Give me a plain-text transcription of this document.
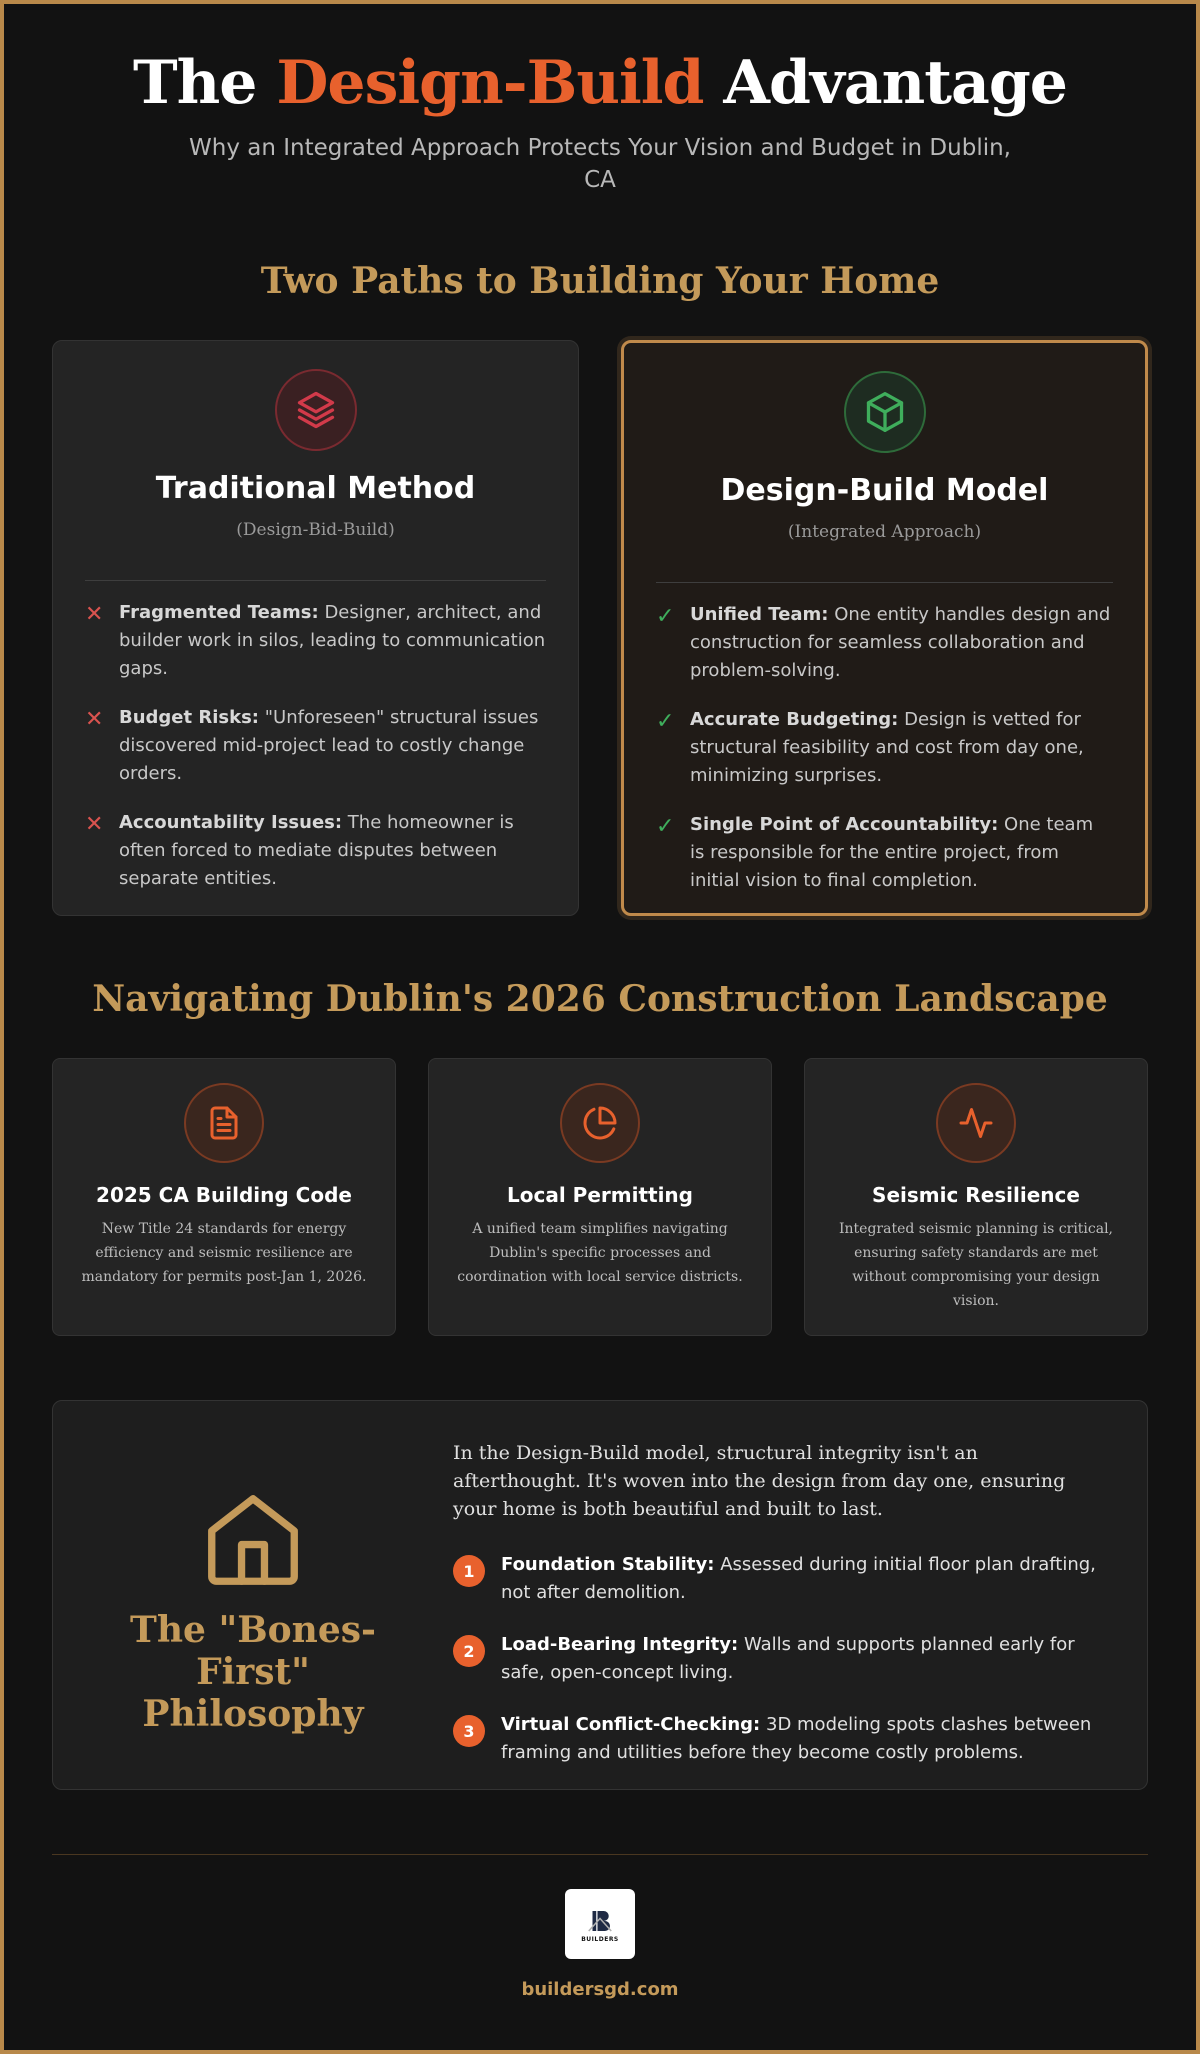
The Design-Build Advantage

Why an Integrated Approach Protects Your Vision and Budget in Dublin, CA

Two Paths to Building Your Home
Traditional Method
(Design-Bid-Build)
✕ Fragmented Teams: Designer, architect, and builder work in silos, leading to communication gaps.

✕ Budget Risks: "Unforeseen" structural issues discovered mid-project lead to costly change orders.

✕ Accountability Issues: The homeowner is often forced to mediate disputes between separate entities.

Design-Build Model
(Integrated Approach)
✓ Unified Team: One entity handles design and construction for seamless collaboration and problem-solving.

✓ Accurate Budgeting: Design is vetted for structural feasibility and cost from day one, minimizing surprises.

✓ Single Point of Accountability: One team is responsible for the entire project, from initial vision to final completion.

Navigating Dublin's 2026 Construction Landscape
2025 CA Building Code

New Title 24 standards for energy efficiency and seismic resilience are mandatory for permits post-Jan 1, 2026.

Local Permitting

A unified team simplifies navigating Dublin's specific processes and coordination with local service districts.

Seismic Resilience

Integrated seismic planning is critical, ensuring safety standards are met without compromising your design vision.

The "Bones-First" Philosophy

In the Design-Build model, structural integrity isn't an afterthought. It's woven into the design from day one, ensuring your home is both beautiful and built to last.

1	Foundation Stability: Assessed during initial floor plan drafting, not after demolition.

2	Load-Bearing Integrity: Walls and supports planned early for safe, open-concept living.

3	Virtual Conflict-Checking: 3D modeling spots clashes between framing and utilities before they become costly problems.

BUILDERS
buildersgd.com
